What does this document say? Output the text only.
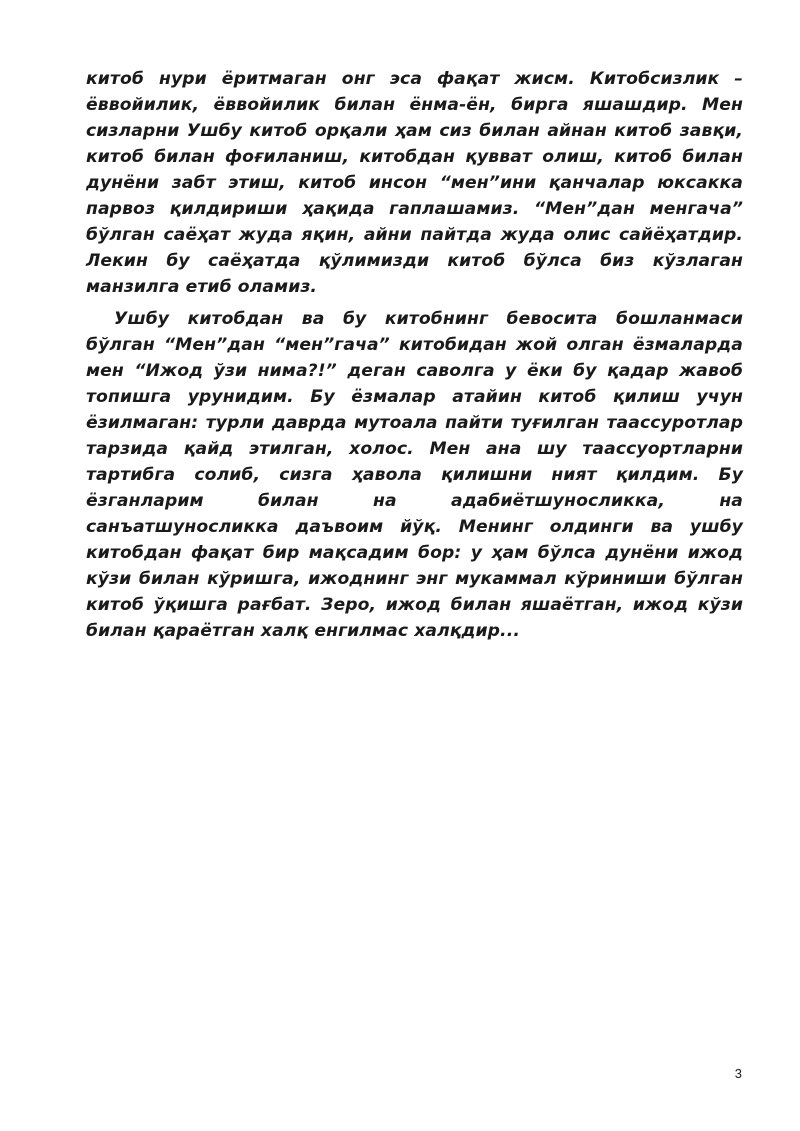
китоб нури ёритмаган онг эса фақат жисм. Китобсизлик – ёввойилик, ёввойилик билан ёнма-ён, бирга яшашдир. Мен сизларни Ушбу китоб орқали ҳам сиз билан айнан китоб завқи, китоб билан фоғиланиш, китобдан қувват олиш, китоб билан дунёни забт этиш, китоб инсон “мен”ини қанчалар юксакка парвоз қилдириши ҳақида гаплашамиз. “Мен”дан менгача” бўлган саёҳат жуда яқин, айни пайтда жуда олис сайёҳатдир. Лекин бу саёҳатда қўлимизди китоб бўлса биз кўзлаган манзилга етиб оламиз.

Ушбу китобдан ва бу китобнинг бевосита бошланмаси бўлган “Мен”дан “мен”гача” китобидан жой олган ёзмаларда мен “Ижод ўзи нима?!” деган саволга у ёки бу қадар жавоб топишга урунидим. Бу ёзмалар атайин китоб қилиш учун ёзилмаган: турли даврда мутоала пайти туғилган таассуротлар тарзида қайд этилган, холос. Мен ана шу таассуортларни тартибга солиб, сизга ҳавола қилишни ният қилдим. Бу ёзганларим билан на адабиётшуносликка, на санъатшуносликка даъвоим йўқ. Менинг олдинги ва ушбу китобдан фақат бир мақсадим бор: у ҳам бўлса дунёни ижод кўзи билан кўришга, ижоднинг энг мукаммал кўриниши бўлган китоб ўқишга рағбат. Зеро, ижод билан яшаётган, ижод кўзи билан қараётган халқ енгилмас халқдир...

3
